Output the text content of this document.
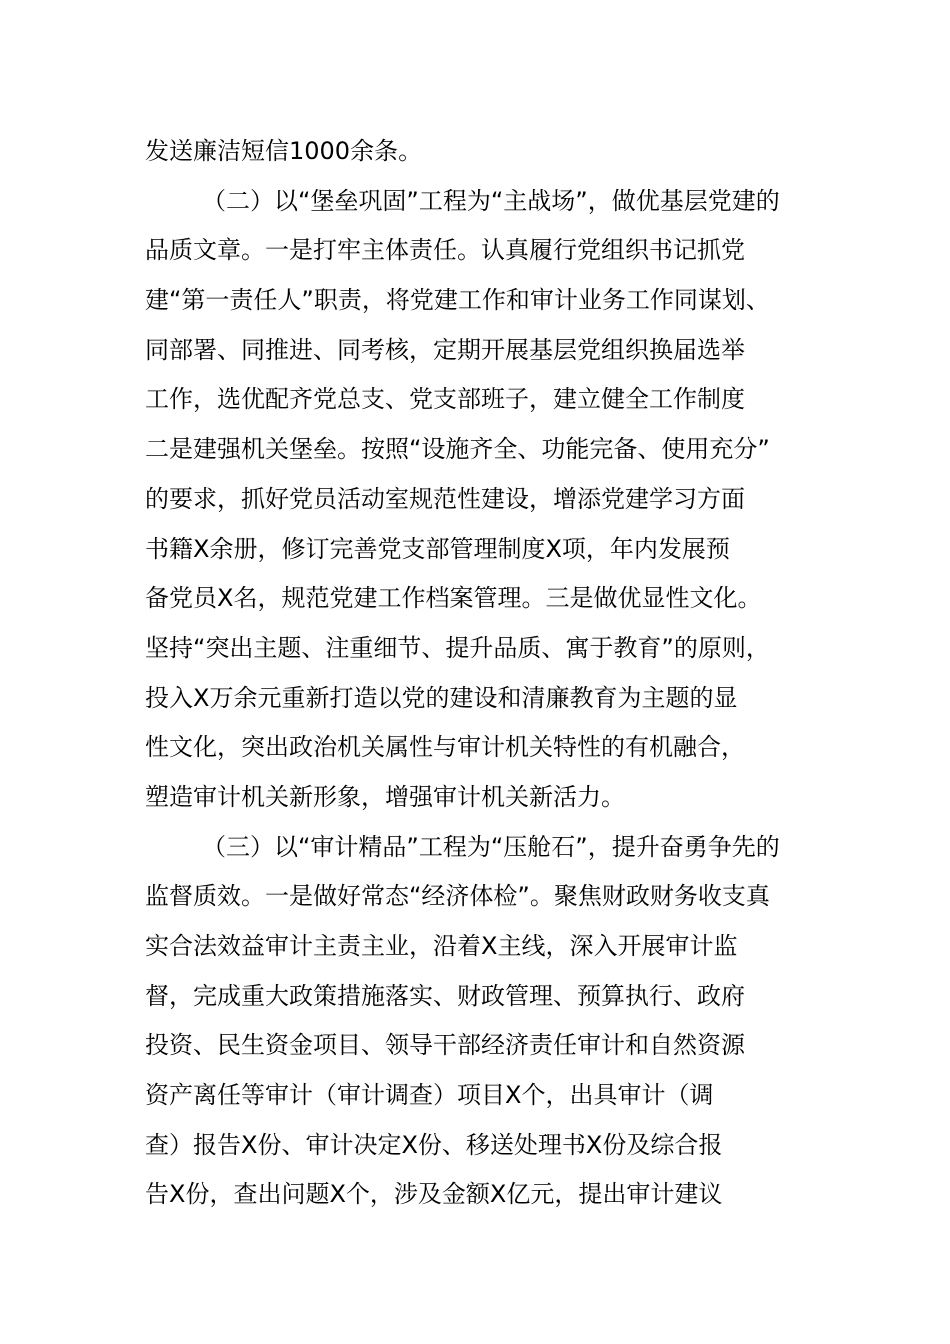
发送廉洁短信1000余条。
（二）以“堡垒巩固”工程为“主战场”，做优基层党建的
品质文章。一是打牢主体责任。认真履行党组织书记抓党
建“第一责任人”职责，将党建工作和审计业务工作同谋划、
同部署、同推进、同考核，定期开展基层党组织换届选举
工作，选优配齐党总支、党支部班子，建立健全工作制度
二是建强机关堡垒。按照“设施齐全、功能完备、使用充分”
的要求，抓好党员活动室规范性建设，增添党建学习方面
书籍X余册，修订完善党支部管理制度X项，年内发展预
备党员X名，规范党建工作档案管理。三是做优显性文化。
坚持“突出主题、注重细节、提升品质、寓于教育”的原则，
投入X万余元重新打造以党的建设和清廉教育为主题的显
性文化，突出政治机关属性与审计机关特性的有机融合，
塑造审计机关新形象，增强审计机关新活力。
（三）以“审计精品”工程为“压舱石”，提升奋勇争先的
监督质效。一是做好常态“经济体检”。聚焦财政财务收支真
实合法效益审计主责主业，沿着X主线，深入开展审计监
督，完成重大政策措施落实、财政管理、预算执行、政府
投资、民生资金项目、领导干部经济责任审计和自然资源
资产离任等审计（审计调查）项目X个，出具审计（调
查）报告X份、审计决定X份、移送处理书X份及综合报
告X份，查出问题X个，涉及金额X亿元，提出审计建议
